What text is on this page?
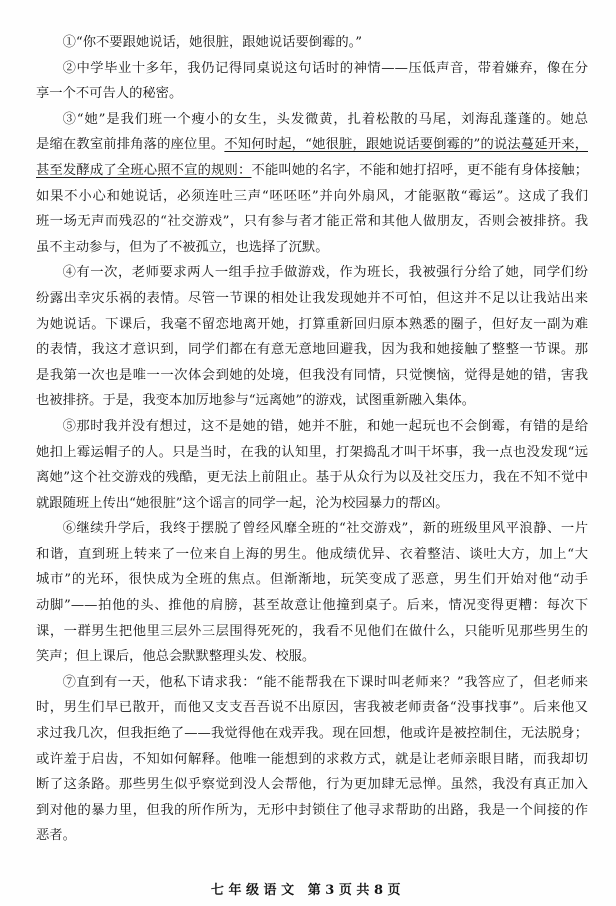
①“你不要跟她说话，她很脏，跟她说话要倒霉的。”
②中学毕业十多年，我仍记得同桌说这句话时的神情——压低声音，带着嫌弃，像在分
享一个不可告人的秘密。
③“她”是我们班一个瘦小的女生，头发微黄，扎着松散的马尾，刘海乱蓬蓬的。她总
是缩在教室前排角落的座位里。不知何时起，“她很脏，跟她说话要倒霉的”的说法蔓延开来，
甚至发酵成了全班心照不宣的规则：不能叫她的名字，不能和她打招呼，更不能有身体接触；
如果不小心和她说话，必须连吐三声“呸呸呸”并向外扇风，才能驱散“霉运”。这成了我们
班一场无声而残忍的“社交游戏”，只有参与者才能正常和其他人做朋友，否则会被排挤。我
虽不主动参与，但为了不被孤立，也选择了沉默。
④有一次，老师要求两人一组手拉手做游戏，作为班长，我被强行分给了她，同学们纷
纷露出幸灾乐祸的表情。尽管一节课的相处让我发现她并不可怕，但这并不足以让我站出来
为她说话。下课后，我毫不留恋地离开她，打算重新回归原本熟悉的圈子，但好友一副为难
的表情，我这才意识到，同学们都在有意无意地回避我，因为我和她接触了整整一节课。那
是我第一次也是唯一一次体会到她的处境，但我没有同情，只觉懊恼，觉得是她的错，害我
也被排挤。于是，我变本加厉地参与“远离她”的游戏，试图重新融入集体。
⑤那时我并没有想过，这不是她的错，她并不脏，和她一起玩也不会倒霉，有错的是给
她扣上霉运帽子的人。只是当时，在我的认知里，打架捣乱才叫干坏事，我一点也没发现“远
离她”这个社交游戏的残酷，更无法上前阻止。基于从众行为以及社交压力，我在不知不觉中
就跟随班上传出“她很脏”这个谣言的同学一起，沦为校园暴力的帮凶。
⑥继续升学后，我终于摆脱了曾经风靡全班的“社交游戏”，新的班级里风平浪静、一片
和谐，直到班上转来了一位来自上海的男生。他成绩优异、衣着整洁、谈吐大方，加上“大
城市”的光环，很快成为全班的焦点。但渐渐地，玩笑变成了恶意，男生们开始对他“动手
动脚”——拍他的头、推他的肩膀，甚至故意让他撞到桌子。后来，情况变得更糟：每次下
课，一群男生把他里三层外三层围得死死的，我看不见他们在做什么，只能听见那些男生的
笑声；但上课后，他总会默默整理头发、校服。
⑦直到有一天，他私下请求我：“能不能帮我在下课时叫老师来？”我答应了，但老师来
时，男生们早已散开，而他又支支吾吾说不出原因，害我被老师责备“没事找事”。后来他又
求过我几次，但我拒绝了——我觉得他在戏弄我。现在回想，他或许是被控制住，无法脱身；
或许羞于启齿，不知如何解释。他唯一能想到的求救方式，就是让老师亲眼目睹，而我却切
断了这条路。那些男生似乎察觉到没人会帮他，行为更加肆无忌惮。虽然，我没有真正加入
到对他的暴力里，但我的所作所为，无形中封锁住了他寻求帮助的出路，我是一个间接的作
恶者。
七年级语文 第3页共8页
